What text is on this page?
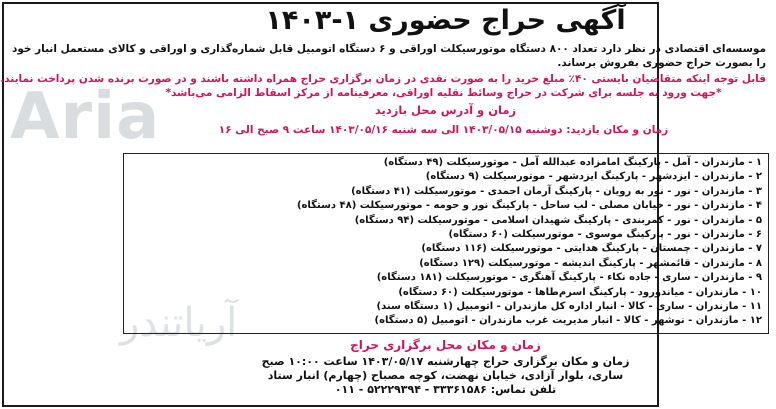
Aria
آریاتندر
آگهی حراج حضوری ۱-۱۴۰۳
موسسه‌ای اقتصادی در نظر دارد تعداد ۸۰۰ دستگاه موتورسیکلت اوراقی و ۶ دستگاه اتومبیل قابل شماره‌گذاری و اوراقی و کالای مستعمل انبار خود
را بصورت حراج حضوری بفروش برساند.
قابل توجه اینکه متقاضیان بایستی ۴۰٪ مبلغ خرید را به صورت نقدی در زمان برگزاری حراج همراه داشته باشند و در صورت برنده شدن پرداخت نمایند.
*جهت ورود به جلسه برای شرکت در حراج وسائط نقلیه اوراقی، معرفینامه از مرکز اسقاط الزامی می‌باشد*
زمان و آدرس محل بازدید
زمان و مکان بازدید: دوشنبه ۱۴۰۳/۰۵/۱۵ الی سه شنبه ۱۴۰۳/۰۵/۱۶ ساعت ۹ صبح الی ۱۶
۱ - مازندران - آمل - پارکینگ امامزاده عبدالله آمل - موتورسیکلت (۴۹ دستگاه)
۲ - مازندران - ایزدشهر - پارکینگ ایزدشهر - موتورسیکلت (۹ دستگاه)
۳ - مازندران - نور - نور به رویان - پارکینگ آرمان احمدی - موتورسیکلت (۴۱ دستگاه)
۴ - مازندران - نور - خیابان مصلی - لب ساحل - پارکینگ نور و حومه - موتورسیکلت (۴۸ دستگاه)
۵ - مازندران - نور - کمربندی - پارکینگ شهیدان اسلامی - موتورسیکلت (۹۴ دستگاه)
۶ - مازندران - نور - پارکینگ موسوی - موتورسیکلت (۶۰ دستگاه)
۷ - مازندران - چمستان - پارکینگ هدایتی - موتورسیکلت (۱۱۶ دستگاه)
۸ - مازندران - قائمشهر - پارکینگ اندیشه - موتورسیکلت (۱۲۹ دستگاه)
۹ - مازندران - ساری - جاده نکاء - پارکینگ آهنگری - موتورسیکلت (۱۸۱ دستگاه)
۱۰ - مازندران - میاندورود - پارکینگ اسرم‌طاها - موتورسیکلت (۶۰ دستگاه)
۱۱ - مازندران - ساری - کالا - انبار اداره کل مازندران - اتومبیل (۱ دستگاه سند)
۱۲ - مازندران - نوشهر - کالا - انبار مدیریت غرب مازندران - اتومبیل (۵ دستگاه)
زمان و مکان محل برگزاری حراج
زمان و مکان برگزاری حراج چهارشنبه ۱۴۰۳/۰۵/۱۷ ساعت ۱۰:۰۰ صبح
ساری، بلوار آزادی، خیابان نهضت، کوچه مصباح (چهارم) انبار ستاد
تلفن تماس: ۳۳۳۶۱۵۸۶ - ۵۲۲۲۹۳۹۴ - ۰۱۱
